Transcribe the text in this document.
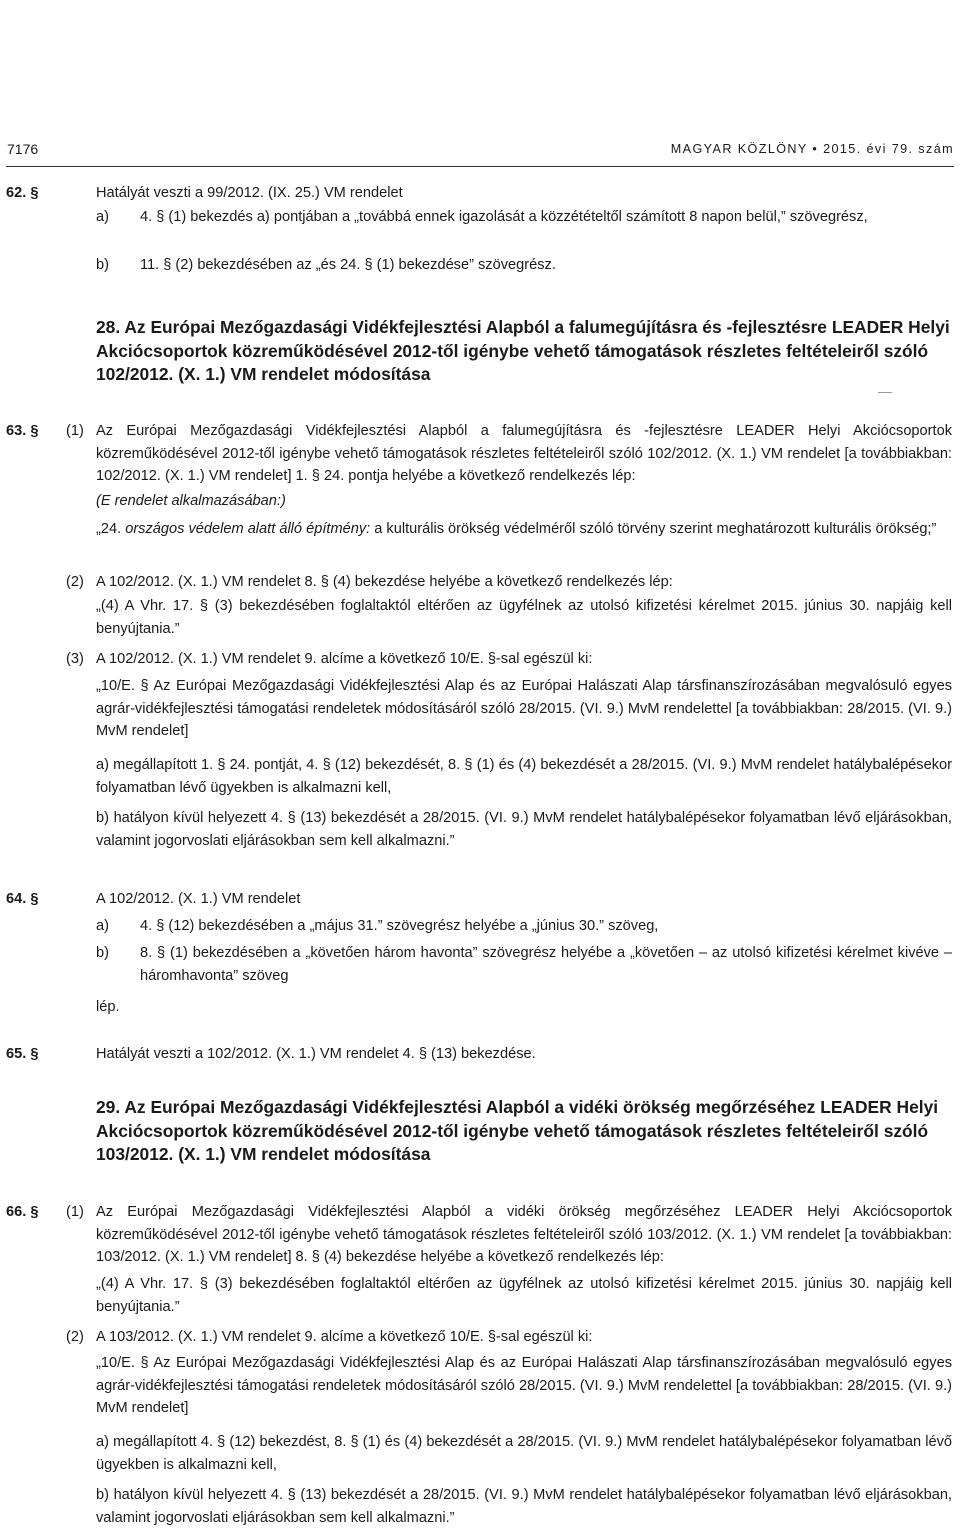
7176	MAGYAR KÖZLÖNY • 2015. évi 79. szám
62. §	Hatályát veszti a 99/2012. (IX. 25.) VM rendelet
a) 4. § (1) bekezdés a) pontjában a „továbbá ennek igazolását a közzétételtől számított 8 napon belül,” szövegrész,
b) 11. § (2) bekezdésében az „és 24. § (1) bekezdése” szövegrész.
28. Az Európai Mezőgazdasági Vidékfejlesztési Alapból a falumegújításra és -fejlesztésre LEADER Helyi Akciócsoportok közreműködésével 2012-től igénybe vehető támogatások részletes feltételeiről szóló 102/2012. (X. 1.) VM rendelet módosítása
63. § (1) Az Európai Mezőgazdasági Vidékfejlesztési Alapból a falumegújításra és -fejlesztésre LEADER Helyi Akciócsoportok közreműködésével 2012-től igénybe vehető támogatások részletes feltételeiről szóló 102/2012. (X. 1.) VM rendelet [a továbbiakban: 102/2012. (X. 1.) VM rendelet] 1. § 24. pontja helyébe a következő rendelkezés lép:
(E rendelet alkalmazásában:)
„24. országos védelem alatt álló építmény: a kulturális örökség védelméről szóló törvény szerint meghatározott kulturális örökség;”
(2) A 102/2012. (X. 1.) VM rendelet 8. § (4) bekezdése helyébe a következő rendelkezés lép:
„(4) A Vhr. 17. § (3) bekezdésében foglaltaktól eltérően az ügyfélnek az utolsó kifizetési kérelmet 2015. június 30. napjáig kell benyújtania.”
(3) A 102/2012. (X. 1.) VM rendelet 9. alcíme a következő 10/E. §-sal egészül ki:
„10/E. § Az Európai Mezőgazdasági Vidékfejlesztési Alap és az Európai Halászati Alap társfinanszírozásában megvalósuló egyes agrár-vidékfejlesztési támogatási rendeletek módosításáról szóló 28/2015. (VI. 9.) MvM rendelettel [a továbbiakban: 28/2015. (VI. 9.) MvM rendelet]
a) megállapított 1. § 24. pontját, 4. § (12) bekezdését, 8. § (1) és (4) bekezdését a 28/2015. (VI. 9.) MvM rendelet hatálybalépésekor folyamatban lévő ügyekben is alkalmazni kell,
b) hatályon kívül helyezett 4. § (13) bekezdését a 28/2015. (VI. 9.) MvM rendelet hatálybalépésekor folyamatban lévő eljárásokban, valamint jogorvoslati eljárásokban sem kell alkalmazni.”
64. §	A 102/2012. (X. 1.) VM rendelet
a) 4. § (12) bekezdésében a „május 31.” szövegrész helyébe a „június 30.” szöveg,
b) 8. § (1) bekezdésében a „követően három havonta” szövegrész helyébe a „követően – az utolsó kifizetési kérelmet kivéve – háromhavonta” szöveg
lép.
65. §	Hatályát veszti a 102/2012. (X. 1.) VM rendelet 4. § (13) bekezdése.
29. Az Európai Mezőgazdasági Vidékfejlesztési Alapból a vidéki örökség megőrzéséhez LEADER Helyi Akciócsoportok közreműködésével 2012-től igénybe vehető támogatások részletes feltételeiről szóló 103/2012. (X. 1.) VM rendelet módosítása
66. § (1) Az Európai Mezőgazdasági Vidékfejlesztési Alapból a vidéki örökség megőrzéséhez LEADER Helyi Akciócsoportok közreműködésével 2012-től igénybe vehető támogatások részletes feltételeiről szóló 103/2012. (X. 1.) VM rendelet [a továbbiakban: 103/2012. (X. 1.) VM rendelet] 8. § (4) bekezdése helyébe a következő rendelkezés lép:
„(4) A Vhr. 17. § (3) bekezdésében foglaltaktól eltérően az ügyfélnek az utolsó kifizetési kérelmet 2015. június 30. napjáig kell benyújtania.”
(2) A 103/2012. (X. 1.) VM rendelet 9. alcíme a következő 10/E. §-sal egészül ki:
„10/E. § Az Európai Mezőgazdasági Vidékfejlesztési Alap és az Európai Halászati Alap társfinanszírozásában megvalósuló egyes agrár-vidékfejlesztési támogatási rendeletek módosításáról szóló 28/2015. (VI. 9.) MvM rendelettel [a továbbiakban: 28/2015. (VI. 9.) MvM rendelet]
a) megállapított 4. § (12) bekezdést, 8. § (1) és (4) bekezdését a 28/2015. (VI. 9.) MvM rendelet hatálybalépésekor folyamatban lévő ügyekben is alkalmazni kell,
b) hatályon kívül helyezett 4. § (13) bekezdését a 28/2015. (VI. 9.) MvM rendelet hatálybalépésekor folyamatban lévő eljárásokban, valamint jogorvoslati eljárásokban sem kell alkalmazni.”
